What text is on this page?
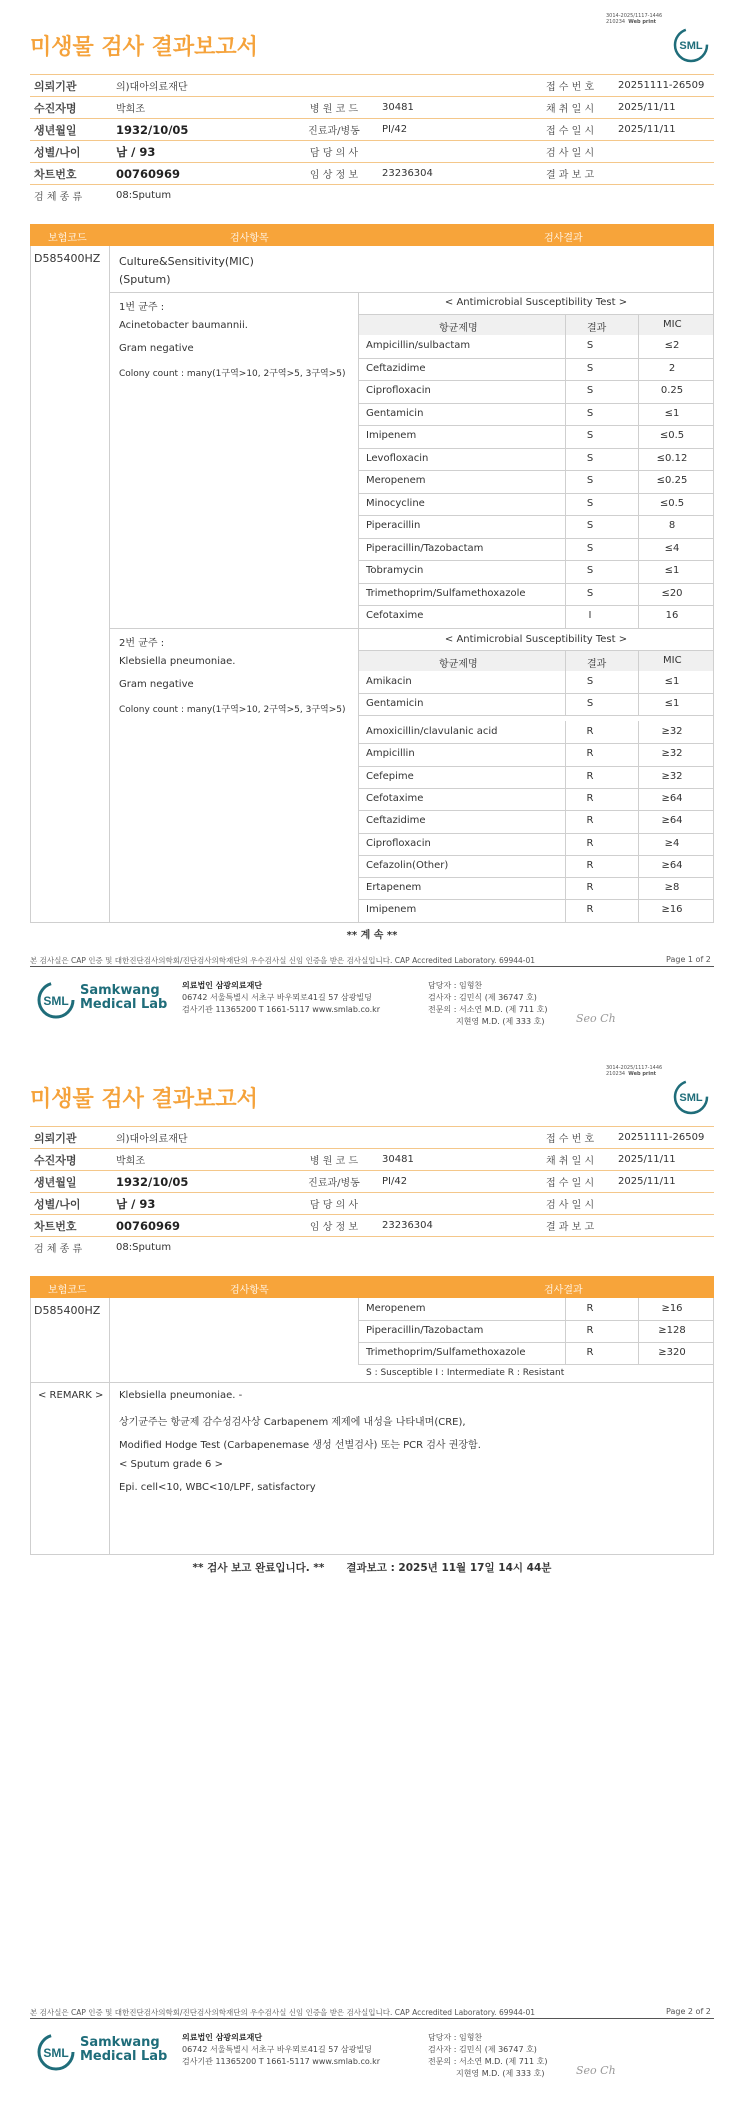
3014-2025/1117-1446
210234 Web print
SML
미생물 검사 결과보고서
의뢰기관	의)대아의료재단			접 수 번 호	20251111-26509
수진자명	박희조	병 원 코 드	30481	채 취 일 시	2025/11/11
생년월일	1932/10/05	진료과/병동	PI/42	접 수 일 시	2025/11/11
성별/나이	남 / 93	담 당 의 사		검 사 일 시	
차트번호	00760969	임 상 정 보	23236304	결 과 보 고	
검 체 종 류	08:Sputum				
보험코드	검사항목	검사결과
D585400HZ Culture&Sensitivity(MIC)
(Sputum)
1번 균주 :
Acinetobacter baumannii.
Gram negative
Colony count : many(1구역>10, 2구역>5, 3구역>5)
< Antimicrobial Susceptibility Test >
항균제명	결과	MIC
Ampicillin/sulbactam	S	≤2
Ceftazidime	S	2
Ciprofloxacin	S	0.25
Gentamicin	S	≤1
Imipenem	S	≤0.5
Levofloxacin	S	≤0.12
Meropenem	S	≤0.25
Minocycline	S	≤0.5
Piperacillin	S	8
Piperacillin/Tazobactam	S	≤4
Tobramycin	S	≤1
Trimethoprim/Sulfamethoxazole	S	≤20
Cefotaxime	I	16
2번 균주 :
Klebsiella pneumoniae.
Gram negative
Colony count : many(1구역>10, 2구역>5, 3구역>5)
< Antimicrobial Susceptibility Test >
항균제명	결과	MIC
Amikacin	S	≤1
Gentamicin	S	≤1
Amoxicillin/clavulanic acid	R	≥32
Ampicillin	R	≥32
Cefepime	R	≥32
Cefotaxime	R	≥64
Ceftazidime	R	≥64
Ciprofloxacin	R	≥4
Cefazolin(Other)	R	≥64
Ertapenem	R	≥8
Imipenem	R	≥16
** 계 속 **
본 검사실은 CAP 인증 및 대한진단검사의학회/진단검사의학재단의 우수검사실 신임 인증을 받은 검사실입니다. CAP Accredited Laboratory. 69944-01	Page 1 of 2
SML
Samkwang
Medical Lab
의료법인 삼광의료재단
06742 서울특별시 서초구 바우뫼로41길 57 삼광빌딩
검사기관 11365200 T 1661-5117 www.smlab.co.kr
담당자 : 임형찬
검사자 : 김민식 (제 36747 호)
전문의 : 서소연 M.D. (제 711 호)
지현영 M.D. (제 333 호)	Seo Ch
3014-2025/1117-1446
210234 Web print
SML
미생물 검사 결과보고서
의뢰기관	의)대아의료재단			접 수 번 호	20251111-26509
수진자명	박희조	병 원 코 드	30481	채 취 일 시	2025/11/11
생년월일	1932/10/05	진료과/병동	PI/42	접 수 일 시	2025/11/11
성별/나이	남 / 93	담 당 의 사		검 사 일 시	
차트번호	00760969	임 상 정 보	23236304	결 과 보 고	
검 체 종 류	08:Sputum				
보험코드	검사항목	검사결과
D585400HZ	Meropenem	R	≥16
Piperacillin/Tazobactam	R	≥128
Trimethoprim/Sulfamethoxazole	R	≥320
S : Susceptible I : Intermediate R : Resistant
< REMARK > Klebsiella pneumoniae. -
상기균주는 항균제 감수성검사상 Carbapenem 제제에 내성을 나타내며(CRE),
Modified Hodge Test (Carbapenemase 생성 선별검사) 또는 PCR 검사 권장함.
< Sputum grade 6 >
Epi. cell<10, WBC<10/LPF, satisfactory
** 검사 보고 완료입니다. **      결과보고 : 2025년 11월 17일 14시 44분
본 검사실은 CAP 인증 및 대한진단검사의학회/진단검사의학재단의 우수검사실 신임 인증을 받은 검사실입니다. CAP Accredited Laboratory. 69944-01	Page 2 of 2
SML
Samkwang
Medical Lab
의료법인 삼광의료재단
06742 서울특별시 서초구 바우뫼로41길 57 삼광빌딩
검사기관 11365200 T 1661-5117 www.smlab.co.kr
담당자 : 임형찬
검사자 : 김민식 (제 36747 호)
전문의 : 서소연 M.D. (제 711 호)
지현영 M.D. (제 333 호)	Seo Ch
